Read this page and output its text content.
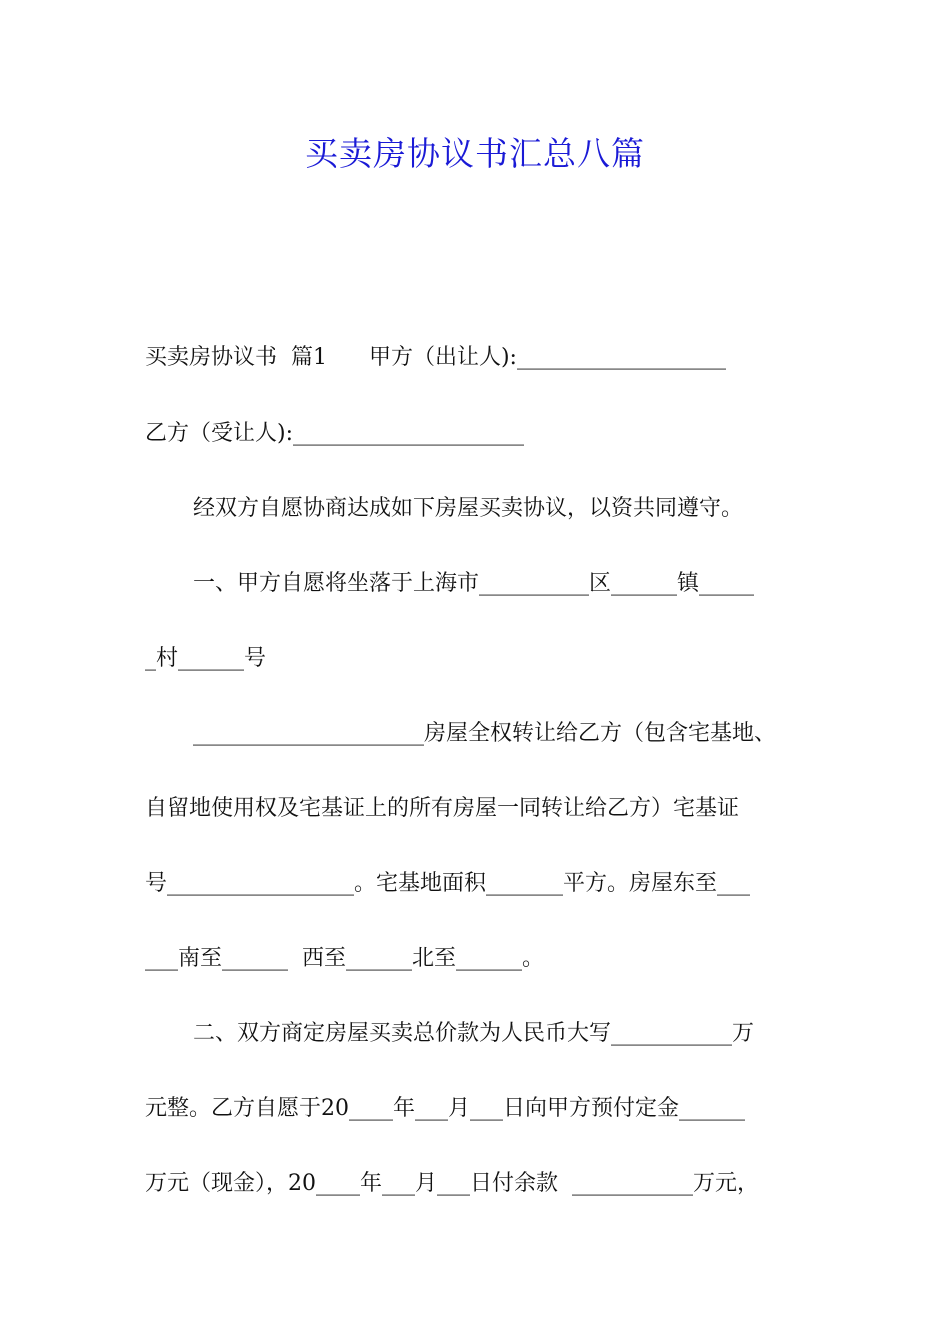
买卖房协议书汇总八篇

买卖房协议书  篇1      甲方（出让人):___________________

乙方（受让人):_____________________

经双方自愿协商达成如下房屋买卖协议，以资共同遵守。

一、甲方自愿将坐落于上海市__________区______镇_____

_村______号

_____________________房屋全权转让给乙方（包含宅基地、

自留地使用权及宅基证上的所有房屋一同转让给乙方）宅基证

号_________________。宅基地面积_______平方。房屋东至___

___南至______  西至______北至______。

二、双方商定房屋买卖总价款为人民币大写___________万

元整。乙方自愿于20____年___月___日向甲方预付定金______

万元（现金），20____年___月___日付余款  ___________万元，
